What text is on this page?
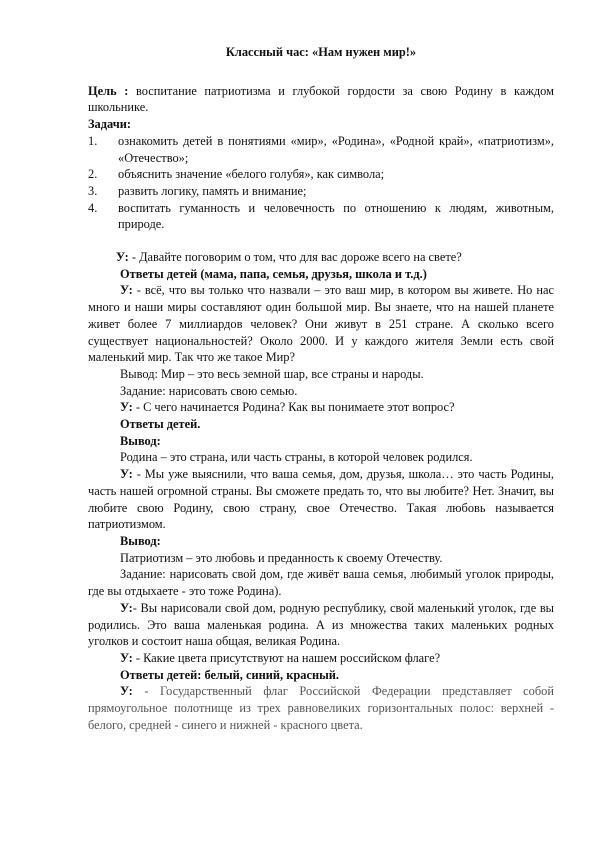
Классный час: «Нам нужен мир!»

Цель : воспитание патриотизма и глубокой гордости за свою Родину в каждом школьнике.

Задачи:

1.	ознакомить детей в понятиями «мир», «Родина», «Родной край», «патриотизм», «Отечество»;
2.	объяснить значение «белого голубя», как символа;
3.	развить логику, память и внимание;
4.	воспитать гуманность и человечность по отношению к людям, животным, природе.

У: - Давайте поговорим о том, что для вас дороже всего на свете?

Ответы детей (мама, папа, семья, друзья, школа и т.д.)

У: - всё, что вы только что назвали – это ваш мир, в котором вы живете. Но нас много и наши миры составляют один большой мир. Вы знаете, что на нашей планете живет более 7 миллиардов человек? Они живут в 251 стране. А сколько всего существует национальностей? Около 2000. И у каждого жителя Земли есть свой маленький мир. Так что же такое Мир?

Вывод: Мир – это весь земной шар, все страны и народы.

Задание: нарисовать свою семью.

У: - С чего начинается Родина? Как вы понимаете этот вопрос?

Ответы детей.

Вывод:

Родина – это страна, или часть страны, в которой человек родился.

У: - Мы уже выяснили, что ваша семья, дом, друзья, школа… это часть Родины, часть нашей огромной страны. Вы сможете предать то, что вы любите? Нет. Значит, вы любите свою Родину, свою страну, свое Отечество. Такая любовь называется патриотизмом.

Вывод:

Патриотизм – это любовь и преданность к своему Отечеству.

Задание: нарисовать свой дом, где живёт ваша семья, любимый уголок природы, где вы отдыхаете - это тоже Родина).

У:- Вы нарисовали свой дом, родную республику, свой маленький уголок, где вы родились. Это ваша маленькая родина. А из множества таких маленьких родных уголков и состоит наша общая, великая Родина.

У: - Какие цвета присутствуют на нашем российском флаге?

Ответы детей: белый, синий, красный.

У: - Государственный флаг Российской Федерации представляет собой прямоугольное полотнище из трех равновеликих горизонтальных полос: верхней - белого, средней - синего и нижней - красного цвета.
